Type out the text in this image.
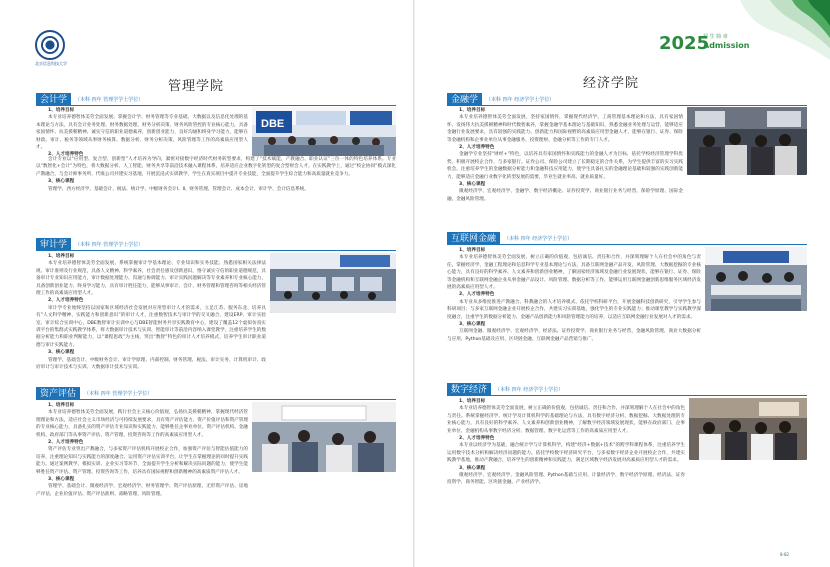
北京信息科技大学
管理学院
会计学	（本科 四年 管理学学士学位）
1、培养目标
本专业培养德智体美劳全面发展、掌握会计学、财务管理等专业基础、大数据以及信息化处理的基本理论与方法，具有会计业务处理、财务数据处理、财务分析决策、财务风险管控的专业核心能力，具备家国情怀、抗美援朝精神、诚实守信的职业道德素养，创新创业能力，良好沟通和终身学习能力，能够在财政、审计、税务等领域从事财务核算、数据分析、财务分析决策、风险管理等工作的高素质应用型人才。
2、人才培养特色
会计专业以“应用型、复合型、创新型”人才培养为导向，紧密对接数字经济时代财务转型要求，构建了“技术赋能、产教融合、职业认证”三位一体的特色培养体系。专业以“数智化+会计”为特色，将大数据分析、人工智能、财务共享等前沿技术融入课程体系，培养适应企业数字化转型的复合型财会人才。在实践教学上，通过“校企协同”模式深化产教融合，与会计师事务所、代账公司共建实习基地，开展沉浸式实训教学，学生在真实项目中提升专业技能，全面提升学生综合能力和高质量就业竞争力。
3、核心课程
管理学、西方经济学、基础会计、税法、统计学、中级财务会计Ⅰ、Ⅱ、财务管理、管理会计、成本会计、审计学、会计信息系统。
DBE
审计学	（本科 四年 管理学学士学位）
1、培养目标
本专业培养德智体美劳全面发展、系统掌握审计学基本理论、专业知识和实务技能、熟悉国家相关法律法规、审计准则及行业规范，具备人文精神、科学素养，社会责任感及创新意识，恪守诚实守信的职业道德规范，具备审计专业知识应用能力，审计数据处理能力、沟通与协调能力、审计实践问题解决等专业素养和专业核心能力，具备创新创业能力、终身学习能力，具有审计胜任能力，能够从事审计、会计、财务管理和管理咨询等相关经济管理工作的高素质应用型人才。
2、人才培养特色
审计学专业始终坚持以国家和区域经济社会发展对应用型审计人才的需求，立足江苏、服务东北、培养具有“人文科学精神、实践能力和创新意识”的审计人才，注重数智技术与审计学的交叉融合，建设ERP、审计实验室、审计综合实训中心，DBE数智审计实训中心与DBE智能财务共享实践教育中心，建设了覆盖12个虚拟仿真实训平台的集群式实践教学体系，将大数据审计技术与实训、智能审计等前沿内容纳入课堂教学，注重培养学生的数据分析能力和职业判断能力，以“课程思政”为主线，突出“数智”特色的审计人才培养模式，培养学生审计职业道德与审计实践能力。
3、核心课程
管理学、基础会计、中级财务会计、审计学原理、内部控制、财务管理、税法、审计实务、计算机审计、政府审计与审计技术与实训、大数据审计技术与实训。
资产评估	（本科 四年 管理学学士学位）
1、培养目标
本专业培养德智体美劳全面发展，践行社会主义核心价值观，弘扬抗美援朝精神，掌握现代经济管理理论和方法，适应社会主义市场经济与可持续发展要求，具有资产评估能力、资产价值评估和资产管理的专业核心能力，具备扎实的资产评估专业知识和实践能力，能够胜任企事业单位、资产评估机构、金融机构、政府部门等从事资产评估、资产管理、投资咨询等工作的高素质应用型人才。
2、人才培养特色
资产评估专业突出产教融合，与多家资产评估机构开展校企合作，加强资产评估与智能估值能力的培养，注重理论知识与实践能力的深度融合。运用资产评估实训平台，让学生在掌握理论的同时提升实践能力。通过案例教学、模拟实训、企业实习等环节，全面提升学生分析和解决实际问题的能力，使学生能够胜任资产评估、资产管理、投资咨询等工作，培养具有国际视野和创新精神的高素质资产评估人才。
3、核心课程
管理学、基础会计、微观经济学、宏观经济学、财务管理学、资产评估原理、无形资产评估、房地产评估、企业价值评估、资产评估准则、战略管理、风险管理。
2025
招 生 简 章
Admission
经济学院
金融学	（本科 四年 经济学学士学位）
1、培养目标
本专业培养德智体美劳全面发展，坚持家国情怀，掌握现代经济学、工商管理基本理论和方法，具有家国情怀、发扬伟大抗美援朝精神和时代数智素养，掌握金融学基本理论与基础知识，熟悉金融业务处理与运营，能够适应金融行业发展要求，具有较强的实践能力、创新能力和国际视野的高素质应用型金融人才，能够在银行、证券、保险等金融机构和企事业单位从事金融服务、投资理财、金融分析等工作的专门人才。
2、人才培养特色
金融学专业坚持“财经+”特色，以培养具有家国情怀和实践能力的金融人才为目标，依托学校经济管理学科优势，积极开展校企合作，与多家银行、证券公司、保险公司建立了长期稳定的合作关系，为学生提供丰富的实习实践机会。注重培养学生的金融数据分析能力和金融科技应用能力，使学生具备扎实的金融理论基础和较强的实践创新能力，能够适应金融行业数字化转型发展的需要，毕业生就业率高、就业质量好。
3、核心课程
微观经济学、宏观经济学、金融学、数字经济概论、证券投资学、商业银行业务与经营、保险学原理、国际金融、金融风险管理。
互联网金融	（本科 四年 经济学学士学位）
1、培养目标
本专业培养德智体美劳全面发展，树立正确的价值观，包括诚信、责任和合作，并深刻理解个人在社会中的角色与责任。掌握经济学、金融工程理论和信息科学专业基本理论与方法，具备互联网金融产品开发、风险管理、大数据挖掘的专业核心能力，具有良好的科学素养、人文素养和创新创业精神，了解国家经济领域及金融行业发展现状，能够在银行、证券、保险等金融机构和互联网金融企业从事金融产品设计、风险管理、数据分析等工作，能够运用互联网金融创新思维服务区域经济发展的高素质应用型人才。
2、人才培养特色
本专业从多维度推进产教融合、科教融合的人才培养模式，依托学校科研平台，开展金融科技创新研究，引导学生参与科研项目；与多家互联网金融企业开展校企合作，共建实习实训基地，强化学生的专业实践能力；推动课堂教学与实践教学深度融合，注重学生的数据分析能力、金融产品创新能力和风险管理能力的培养，以适应互联网金融行业发展对人才的需求。
3、核心课程
互联网金融、微观经济学、宏观经济学、经济法、证券投资学、商业银行业务与经营、金融风险管理、商业大数据分析与应用、Python基础及应用、区块链金融、互联网金融产品营销与推广。
数字经济	（本科 四年 经济学学士学位）
1、培养目标
本专业培养德智体美劳全面发展，树立正确的价值观，包括诚信、责任和合作，并深刻理解个人在社会中的角色与责任。系统掌握经济学、统计学及计算机科学的基础理论与方法，具有数字经济分析、数据挖掘、大数据处理的专业核心能力，具有良好的科学素养、人文素养和创新创业精神，了解数字经济领域发展现状，能够在政府部门、企事业单位、金融机构从事数字经济分析、数据管理、数字化运营等工作的高素质应用型人才。
2、人才培养特色
本专业以经济学为基础，融合统计学与计算机科学，构建“经济+数据+技术”的跨学科课程体系，注重培养学生运用数字技术分析和解决经济问题的能力。依托学校数字经济研究平台，与多家数字经济企业开展校企合作，共建实践教学基地，推动产教融合，培养学生的创新精神和实践能力，满足区域数字经济发展对高素质应用型人才的需求。
3、核心课程
微观经济学、宏观经济学、金融风险管理、Python基础与应用、计量经济学、数字经济学原理、经济法、证券投资学、商务智能、区块链金融、产业经济学。
8-82
